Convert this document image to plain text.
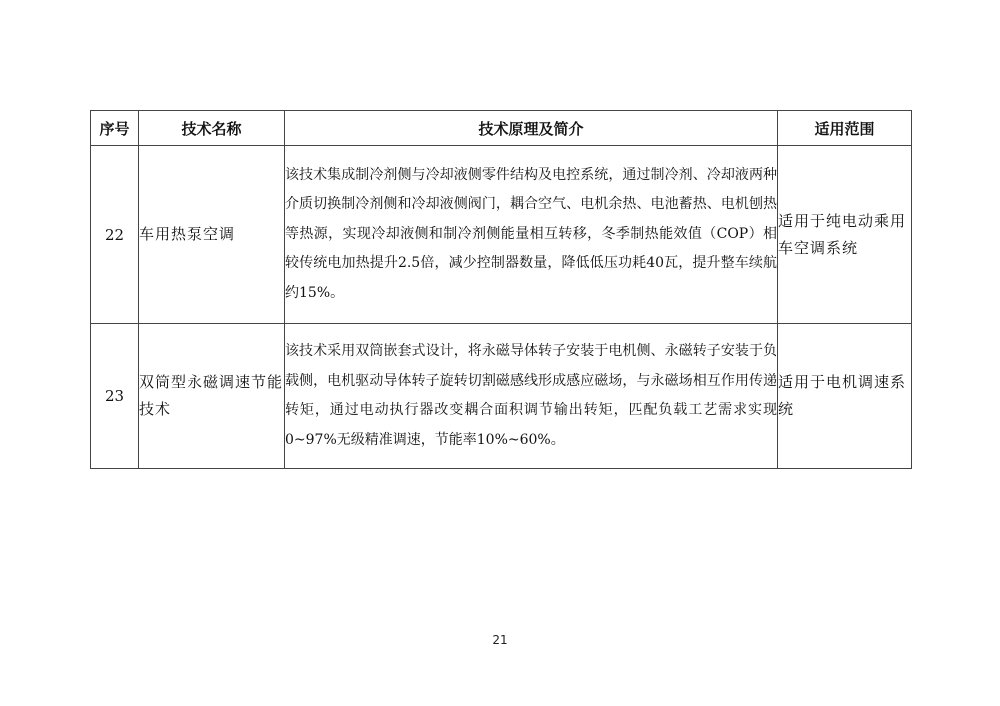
序号	技术名称	技术原理及简介	适用范围
22	车用热泵空调	该技术集成制冷剂侧与冷却液侧零件结构及电控系统，通过制冷剂、冷却液两种介质切换制冷剂侧和冷却液侧阀门，耦合空气、电机余热、电池蓄热、电机刨热等热源，实现冷却液侧和制冷剂侧能量相互转移，冬季制热能效值（COP）相较传统电加热提升2.5倍，减少控制器数量，降低低压功耗40瓦，提升整车续航约15%。	适用于纯电动乘用车空调系统
23	双筒型永磁调速节能技术	该技术采用双筒嵌套式设计，将永磁导体转子安装于电机侧、永磁转子安装于负载侧，电机驱动导体转子旋转切割磁感线形成感应磁场，与永磁场相互作用传递转矩，通过电动执行器改变耦合面积调节输出转矩，匹配负载工艺需求实现0~97%无级精准调速，节能率10%~60%。	适用于电机调速系统
21
